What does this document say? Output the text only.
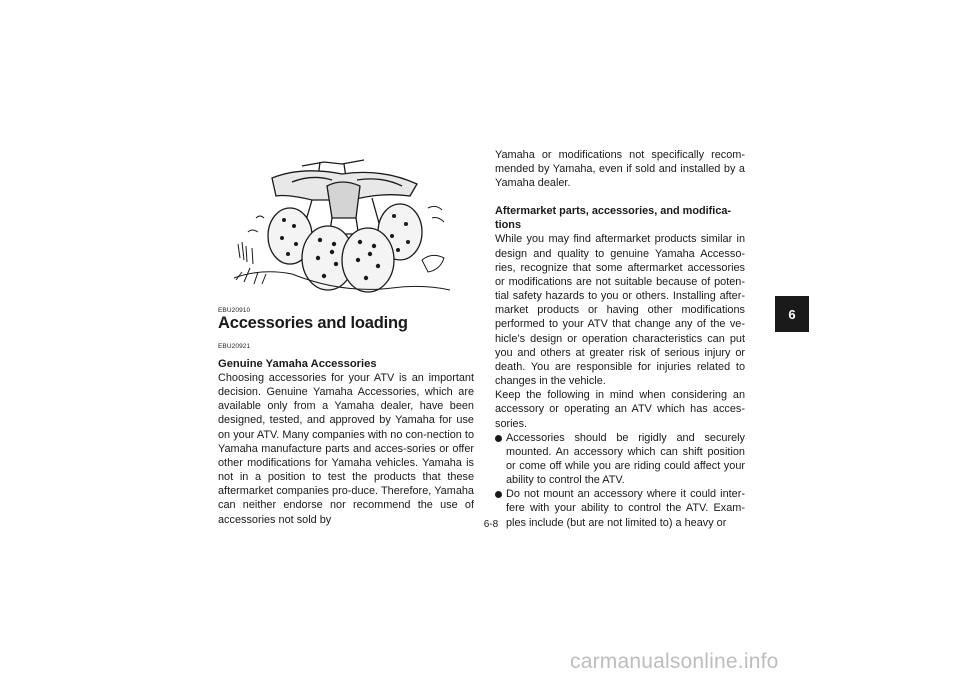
EBU20910
Accessories and loading
EBU20921
Genuine Yamaha Accessories

Choosing accessories for your ATV is an important decision. Genuine Yamaha Accessories, which are available only from a Yamaha dealer, have been designed, tested, and approved by Yamaha for use on your ATV. Many companies with no con-nection to Yamaha manufacture parts and acces-sories or offer other modifications for Yamaha vehicles. Yamaha is not in a position to test the products that these aftermarket companies pro-duce. Therefore, Yamaha can neither endorse nor recommend the use of accessories not sold by

Yamaha or modifications not specifically recom-mended by Yamaha, even if sold and installed by a Yamaha dealer.

Aftermarket parts, accessories, and modifica-tions

While you may find aftermarket products similar in design and quality to genuine Yamaha Accesso-ries, recognize that some aftermarket accessories or modifications are not suitable because of poten-tial safety hazards to you or others. Installing after-market products or having other modifications performed to your ATV that change any of the ve-hicle’s design or operation characteristics can put you and others at greater risk of serious injury or death. You are responsible for injuries related to changes in the vehicle.

Keep the following in mind when considering an accessory or operating an ATV which has acces-sories.

Accessories should be rigidly and securely mounted. An accessory which can shift position or come off while you are riding could affect your ability to control the ATV.
Do not mount an accessory where it could inter-fere with your ability to control the ATV. Exam-ples include (but are not limited to) a heavy or
6-8
6
carmanualsonline.info
